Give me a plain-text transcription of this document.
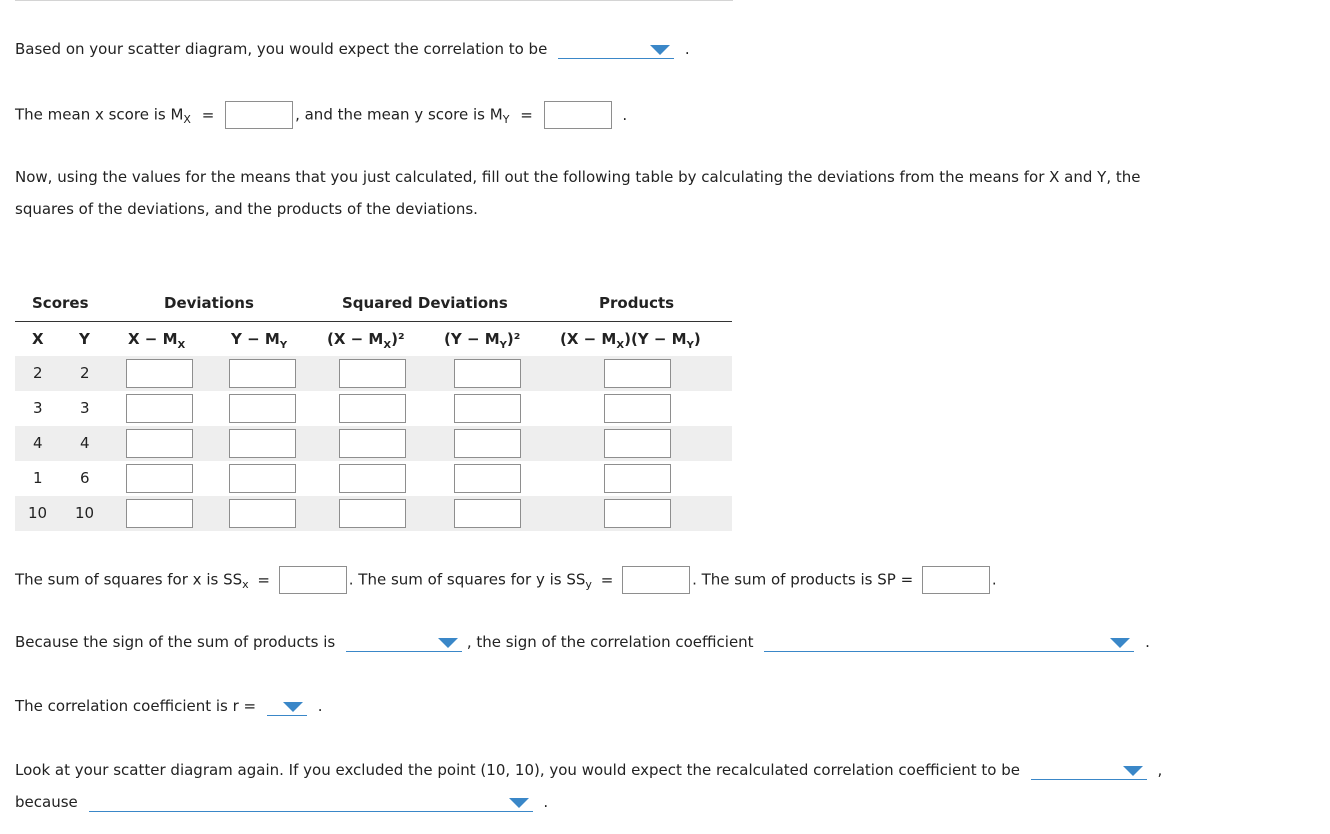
Based on your scatter diagram, you would expect the correlation to be	.
The mean x score is $M_X$ =	, and the mean y score is $M_Y$ =	.
Now, using the values for the means that you just calculated, fill out the following table by calculating the deviations from the means for X and Y, the
squares of the deviations, and the products of the deviations.
Scores	Deviations	Squared Deviations	Products
X Y	$X - M_X$	$Y - M_Y$	$(X - M_X)^2$	$(Y - M_Y)^2$	$(X - M_X)(Y - M_Y)$
2 2
3 3
4 4
1 6
10 10
The sum of squares for x is $SS_x$ =	. The sum of squares for y is $SS_y$ =	. The sum of products is SP =	.
Because the sign of the sum of products is	, the sign of the correlation coefficient	.
The correlation coefficient is r =	.
Look at your scatter diagram again. If you excluded the point (10, 10), you would expect the recalculated correlation coefficient to be	,
because	.
